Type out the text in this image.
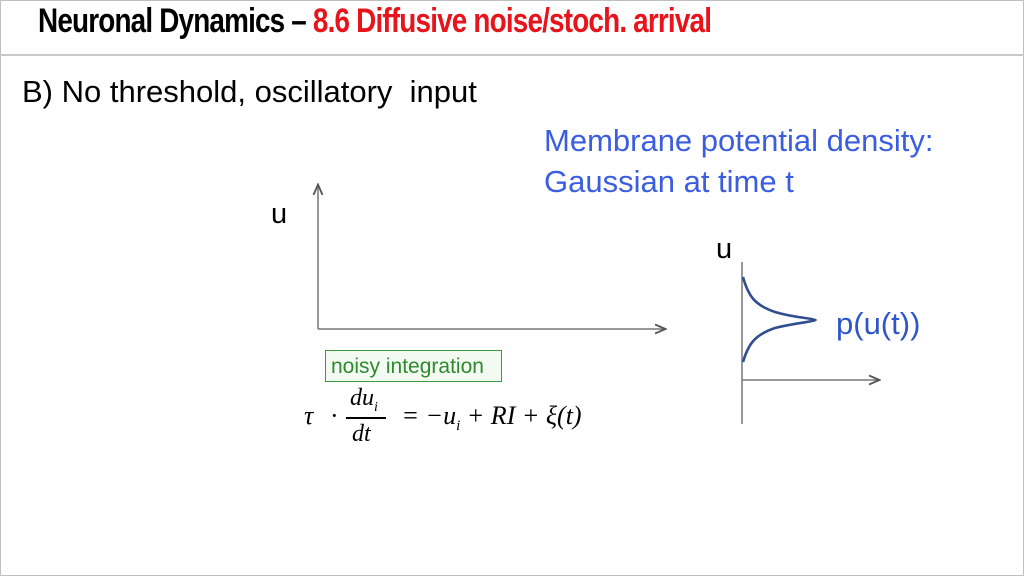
Neuronal Dynamics – 8.6 Diffusive noise/stoch. arrival
B) No threshold, oscillatory  input
Membrane potential density:
Gaussian at time t
u
u
p(u(t))
noisy integration
τ ·
$du_i$
dt
= $-u_i$ + RI + ξ(t)
